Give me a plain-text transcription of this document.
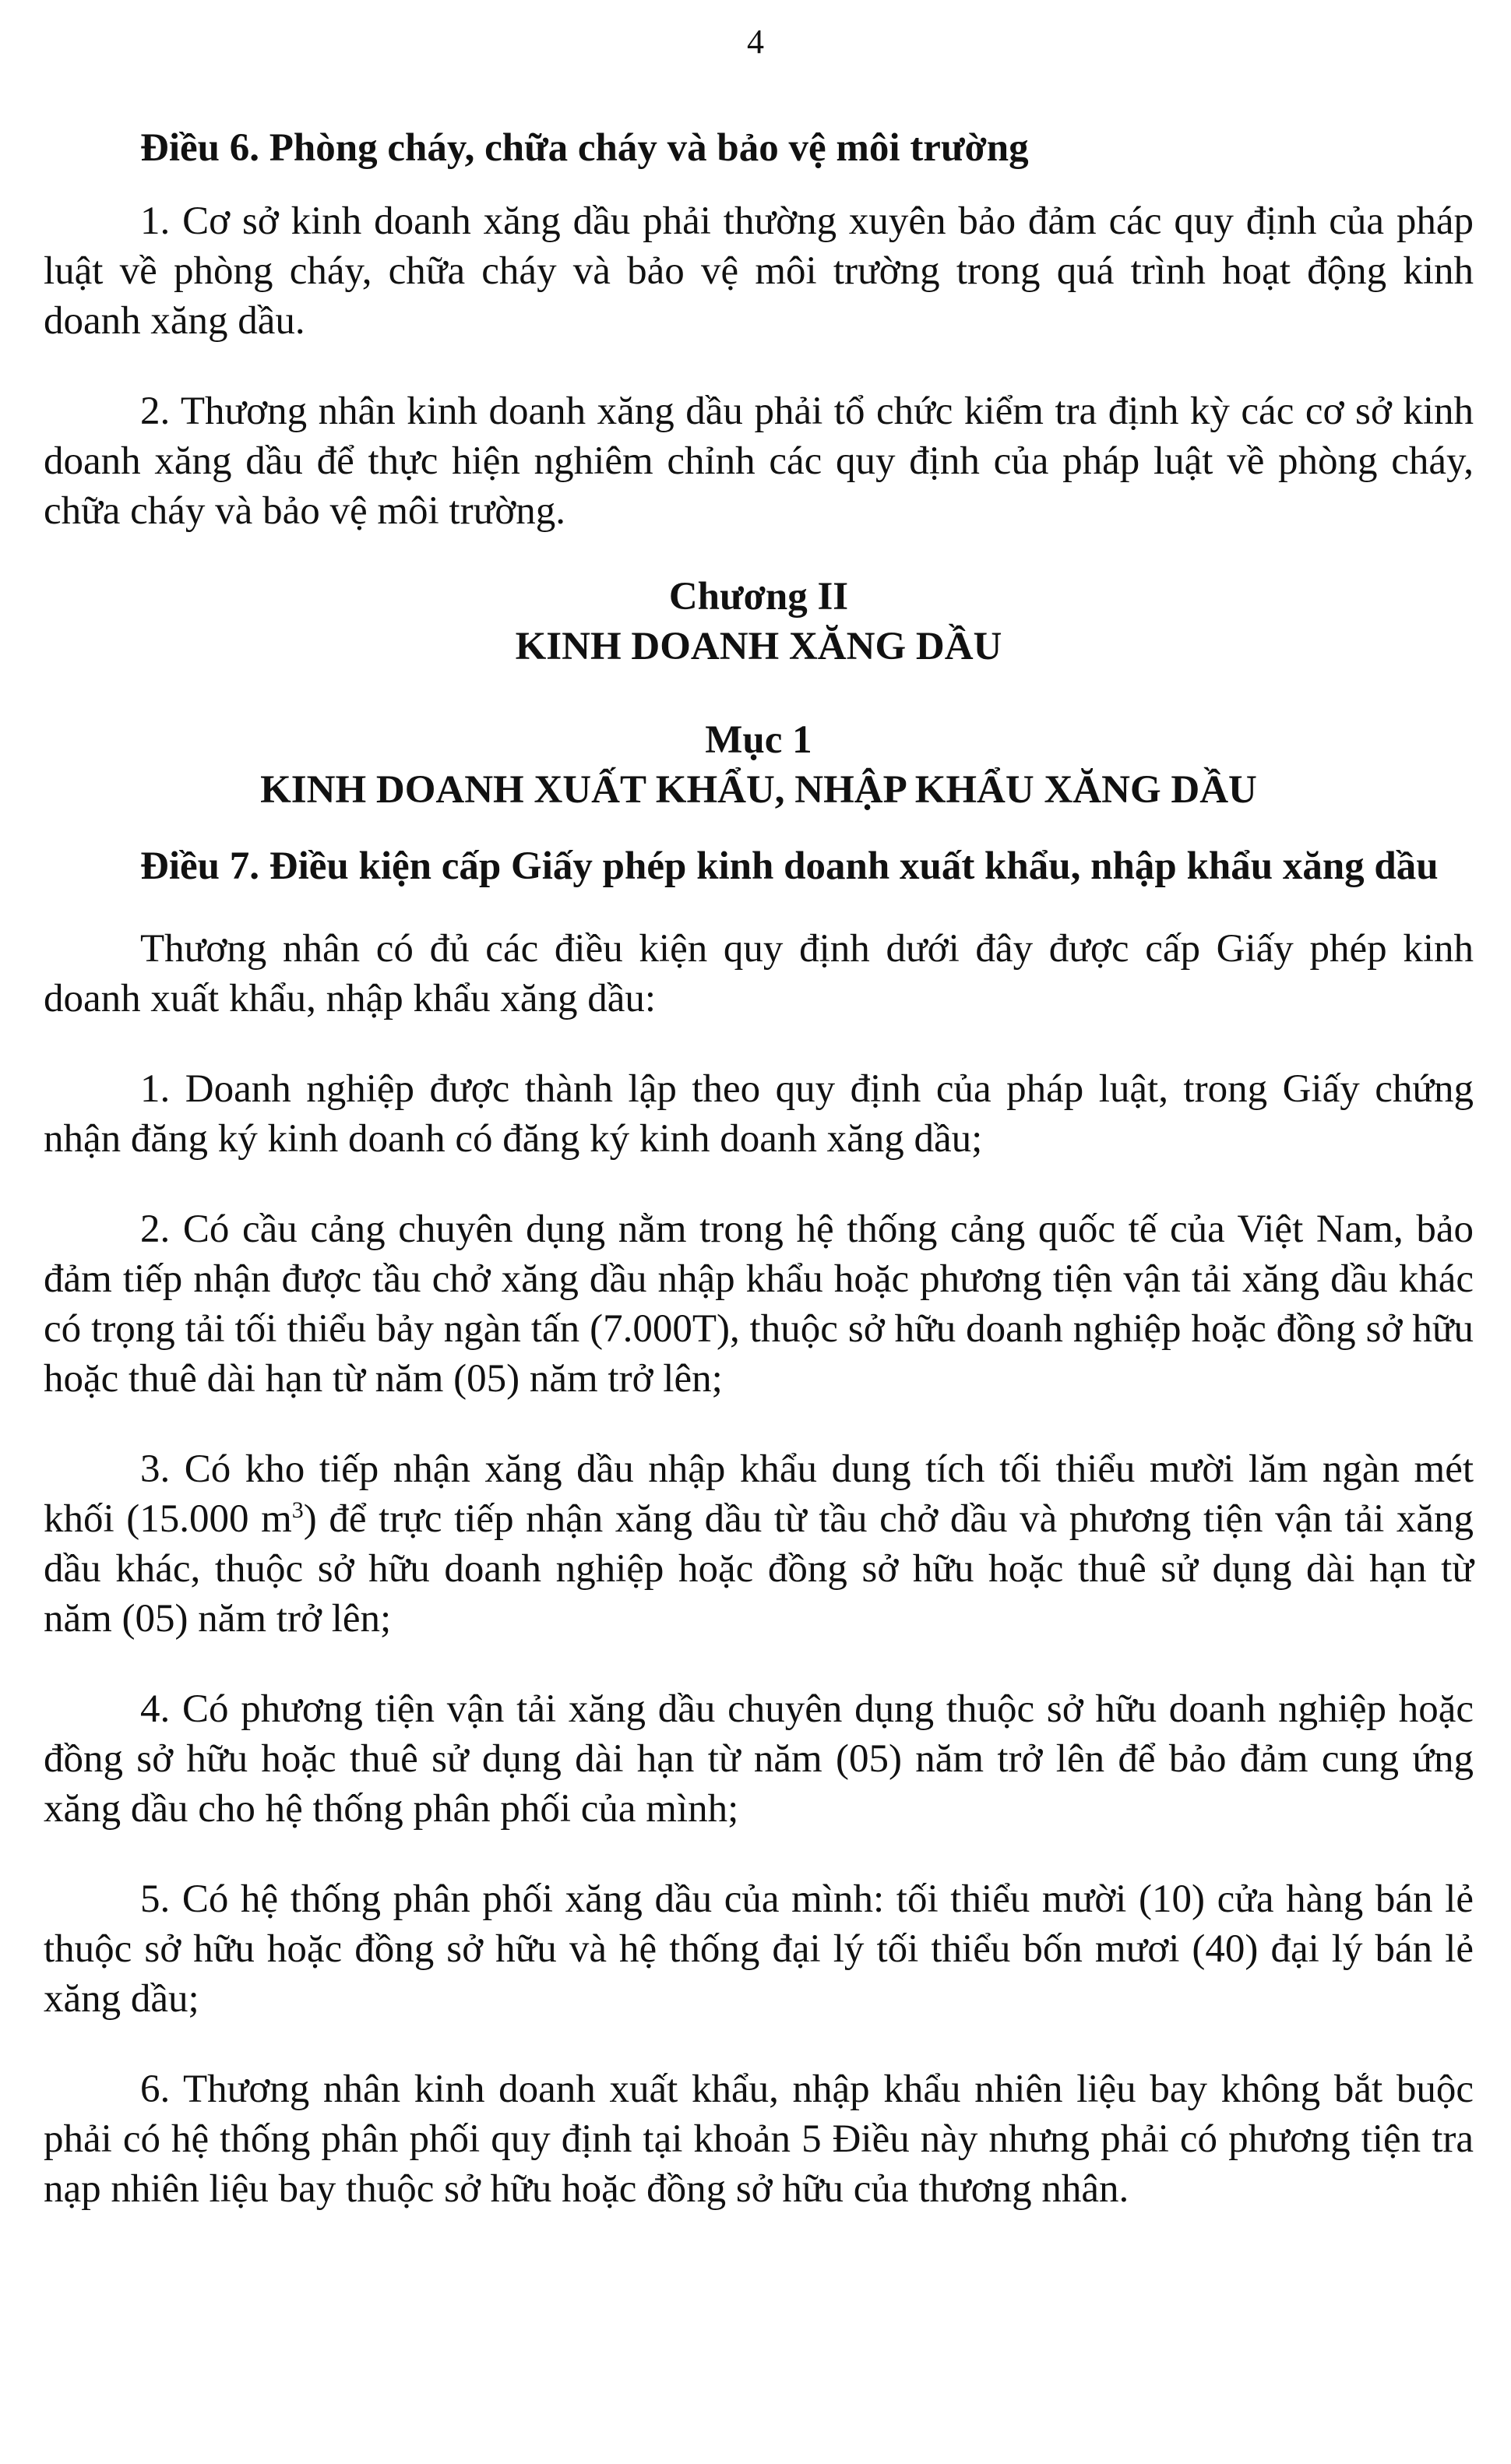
4
Điều 6. Phòng cháy, chữa cháy và bảo vệ môi trường
1. Cơ sở kinh doanh xăng dầu phải thường xuyên bảo đảm các quy định của pháp luật về phòng cháy, chữa cháy và bảo vệ môi trường trong quá trình hoạt động kinh doanh xăng dầu.
2. Thương nhân kinh doanh xăng dầu phải tổ chức kiểm tra định kỳ các cơ sở kinh doanh xăng dầu để thực hiện nghiêm chỉnh các quy định của pháp luật về phòng cháy, chữa cháy và bảo vệ môi trường.
Chương II
KINH DOANH XĂNG DẦU
Mục 1
KINH DOANH XUẤT KHẨU, NHẬP KHẨU XĂNG DẦU
Điều 7. Điều kiện cấp Giấy phép kinh doanh xuất khẩu, nhập khẩu xăng dầu
Thương nhân có đủ các điều kiện quy định dưới đây được cấp Giấy phép kinh doanh xuất khẩu, nhập khẩu xăng dầu:
1. Doanh nghiệp được thành lập theo quy định của pháp luật, trong Giấy chứng nhận đăng ký kinh doanh có đăng ký kinh doanh xăng dầu;
2. Có cầu cảng chuyên dụng nằm trong hệ thống cảng quốc tế của Việt Nam, bảo đảm tiếp nhận được tầu chở xăng dầu nhập khẩu hoặc phương tiện vận tải xăng dầu khác có trọng tải tối thiểu bảy ngàn tấn (7.000T), thuộc sở hữu doanh nghiệp hoặc đồng sở hữu hoặc thuê dài hạn từ năm (05) năm trở lên;
3. Có kho tiếp nhận xăng dầu nhập khẩu dung tích tối thiểu mười lăm ngàn mét khối (15.000 $m^3$) để trực tiếp nhận xăng dầu từ tầu chở dầu và phương tiện vận tải xăng dầu khác, thuộc sở hữu doanh nghiệp hoặc đồng sở hữu hoặc thuê sử dụng dài hạn từ năm (05) năm trở lên;
4. Có phương tiện vận tải xăng dầu chuyên dụng thuộc sở hữu doanh nghiệp hoặc đồng sở hữu hoặc thuê sử dụng dài hạn từ năm (05) năm trở lên để bảo đảm cung ứng xăng dầu cho hệ thống phân phối của mình;
5. Có hệ thống phân phối xăng dầu của mình: tối thiểu mười (10) cửa hàng bán lẻ thuộc sở hữu hoặc đồng sở hữu và hệ thống đại lý tối thiểu bốn mươi (40) đại lý bán lẻ xăng dầu;
6. Thương nhân kinh doanh xuất khẩu, nhập khẩu nhiên liệu bay không bắt buộc phải có hệ thống phân phối quy định tại khoản 5 Điều này nhưng phải có phương tiện tra nạp nhiên liệu bay thuộc sở hữu hoặc đồng sở hữu của thương nhân.
